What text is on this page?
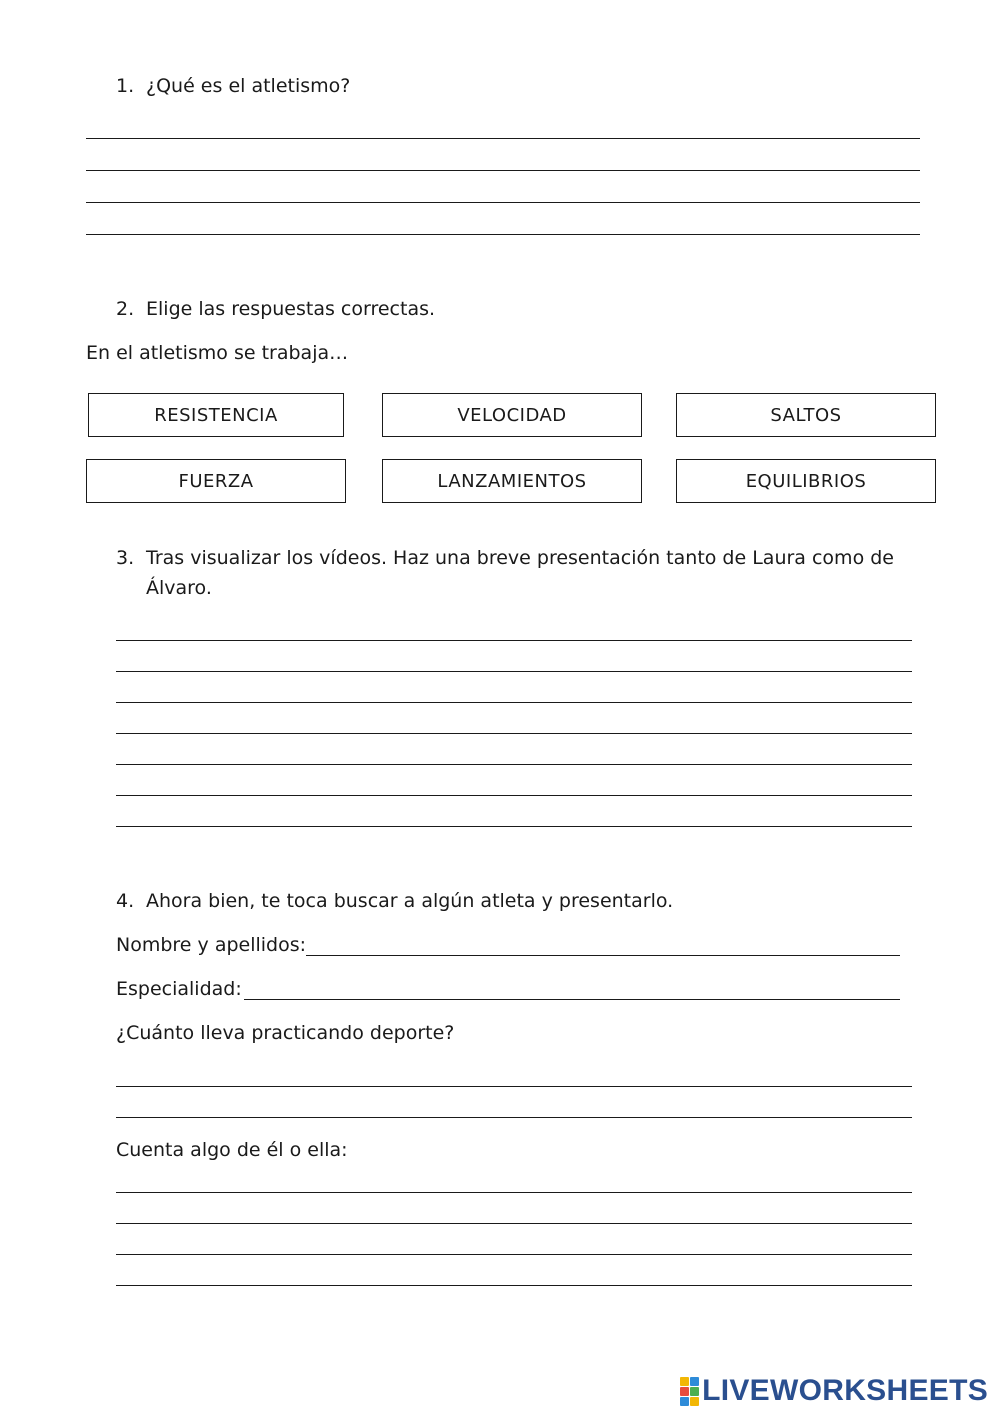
1. ¿Qué es el atletismo?
2. Elige las respuestas correctas.
En el atletismo se trabaja…
RESISTENCIA	VELOCIDAD	SALTOS
FUERZA	LANZAMIENTOS	EQUILIBRIOS
3. Tras visualizar los vídeos. Haz una breve presentación tanto de Laura como de
Álvaro.
4. Ahora bien, te toca buscar a algún atleta y presentarlo.
Nombre y apellidos:
Especialidad:
¿Cuánto lleva practicando deporte?
Cuenta algo de él o ella:
LIVEWORKSHEETS
